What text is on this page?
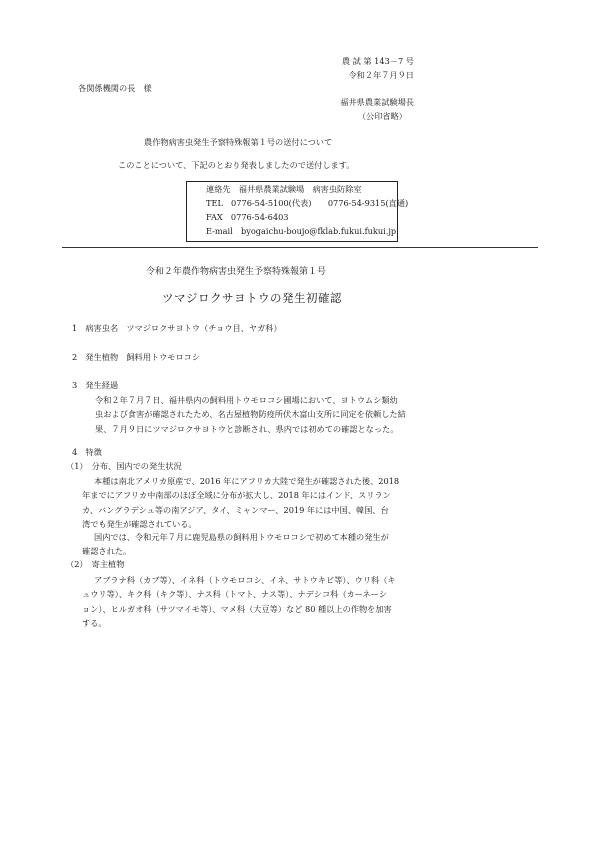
農 試 第 143－7 号
令和２年７月９日
各関係機関の長　様
福井県農業試験場長
（公印省略）
農作物病害虫発生予察特殊報第１号の送付について
このことについて、下記のとおり発表しましたので送付します。
連絡先　福井県農業試験場　病害虫防除室
TEL　0776-54-5100(代表)　　0776-54-9315(直通)
FAX　0776-54-6403
E-mail　byogaichu-boujo@fklab.fukui.fukui.jp
令和２年農作物病害虫発生予察特殊報第１号
ツマジロクサヨトウの発生初確認
1　病害虫名　ツマジロクサヨトウ（チョウ目、ヤガ科）
2　発生植物　飼料用トウモロコシ
3　発生経過
令和２年７月７日、福井県内の飼料用トウモロコシ圃場において、ヨトウムシ類幼
虫および食害が確認されたため、名古屋植物防疫所伏木富山支所に同定を依頼した結
果、７月９日にツマジロクサヨトウと診断され、県内では初めての確認となった。
4　特徴
（1）　分布、国内での発生状況
本種は南北アメリカ原産で、2016 年にアフリカ大陸で発生が確認された後、2018
年までにアフリカ中南部のほぼ全域に分布が拡大し、2018 年にはインド、スリラン
カ、バングラデシュ等の南アジア、タイ、ミャンマー、2019 年には中国、韓国、台
湾でも発生が確認されている。
国内では、令和元年７月に鹿児島県の飼料用トウモロコシで初めて本種の発生が
確認された。
（2）　寄主植物
アブラナ科（カブ等）、イネ科（トウモロコシ、イネ、サトウキビ等）、ウリ科（キ
ュウリ等）、キク科（キク等）、ナス科（トマト、ナス等）、ナデシコ科（カーネーシ
ョン）、ヒルガオ科（サツマイモ等）、マメ科（大豆等）など 80 種以上の作物を加害
する。
